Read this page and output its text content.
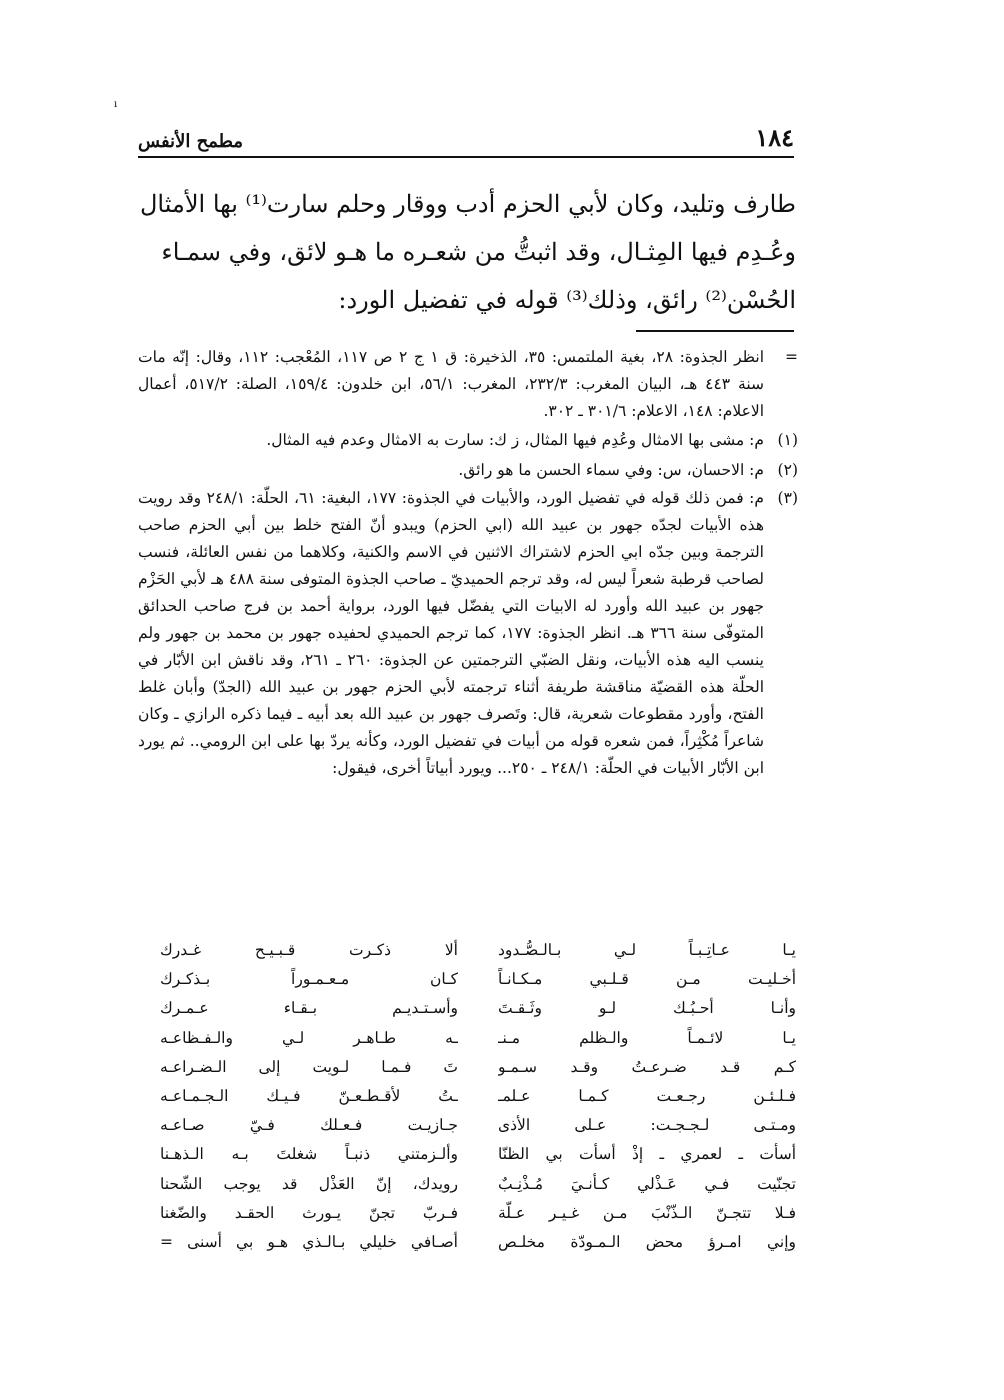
ı
١٨٤
مطمح الأنفس

طارف وتليد، وكان لأبي الحزم أدب ووقار وحلم سارت⁽¹⁾ بها الأمثال

وعُـدِم فيها المِثـال، وقد اثبتُّ من شعـره ما هـو لائق، وفي سمـاء

الحُسْن⁽²⁾ رائق، وذلك⁽³⁾ قوله في تفضيل الورد:

=
انظر الجذوة: ٢٨، بغية الملتمس: ٣٥، الذخيرة: ق ١ ج ٢ ص ١١٧، المُعْجب: ١١٢، وقال: إنّه مات سنة ٤٤٣ هـ، البيان المغرب: ٢٣٢/٣، المغرب: ٥٦/١، ابن خلدون: ١٥٩/٤، الصلة: ٥١٧/٢، أعمال الاعلام: ١٤٨، الاعلام: ٣٠١/٦ ـ ٣٠٢.

(١)
م: مشى بها الامثال وعُدِم فيها المثال، ز ك: سارت به الامثال وعدم فيه المثال.

(٢)
م: الاحسان، س: وفي سماء الحسن ما هو رائق.

(٣)
م: فمن ذلك قوله في تفضيل الورد، والأبيات في الجذوة: ١٧٧، البغية: ٦١، الحلّة: ٢٤٨/١ وقد رويت هذه الأبيات لجدّه جهور بن عبيد الله (ابي الحزم) ويبدو أنّ الفتح خلط بين أبي الحزم صاحب الترجمة وبين جدّه ابي الحزم لاشتراك الاثنين في الاسم والكنية، وكلاهما من نفس العائلة، فنسب لصاحب قرطبة شعراً ليس له، وقد ترجم الحميديّ ـ صاحب الجذوة المتوفى سنة ٤٨٨ هـ لأبي الحَزْم جهور بن عبيد الله وأورد له الابيات التي يفضّل فيها الورد، برواية أحمد بن فرج صاحب الحدائق المتوفّى سنة ٣٦٦ هـ. انظر الجذوة: ١٧٧، كما ترجم الحميدي لحفيده جهور بن محمد بن جهور ولم ينسب اليه هذه الأبيات، ونقل الضبّي الترجمتين عن الجذوة: ٢٦٠ ـ ٢٦١، وقد ناقش ابن الأبّار في الحلّة هذه القضيّة مناقشة طريفة أثناء ترجمته لأبي الحزم جهور بن عبيد الله (الجدّ) وأبان غلط الفتح، وأورد مقطوعات شعرية، قال: وتَصرف جهور بن عبيد الله بعد أبيه ـ فيما ذكره الرازي ـ وكان شاعراً مُكْثِراً، فمن شعره قوله من أبيات في تفضيل الورد، وكأنه يردّ بها على ابن الرومي.. ثم يورد ابن الأبّار الأبيات في الحلّة: ٢٤٨/١ ـ ٢٥٠... ويورد أبياتاً أخرى، فيقول:

يـا عـاتِـبـاً لـي بـالـصُّـدود
ألا ذكـرت قـبـيـح غـدرك
أخـليـت مـن قـلـبي مـكـانـاً
كـان مـعـمـوراً بـذكـرك
وأنـا أحـبُـك لـو وثَـقـتَ
وأسـتـديـم بـقـاء عـمـرك
يـا لائـمـاً والـظلم مـنـ
ـه طـاهـر لـي والـفـظاعـه
كـم قـد ضـرعـتُ وقـد سـمـو
تَ فـمـا لـويت إلى الـضـراعـه
فـلـئـن رجـعـت كـمـا عـلمـ
ـتُ لأقـطـعـنّ فـيـك الـجـمـاعـه
ومـتـى لـجـجـت: عـلى الأذى
جـازيـت فـعـلك فـيّ صـاعـه
أسأت ـ لعمري ـ إذْ أسأت بي الظنّا
وألـزمتني ذنبـاً شغلتَ بـه الـذهـنا
تجنّيت فـي عَـذْلي كـأنـيَ مُـذْنِـبٌ
رويدك، إنّ العَذْل قد يوجب الشّحنا
فـلا تتجـنّ الـذّنْبَ مـن غـيـر عـلّة
فـربّ تجنّ يـورث الحقـد والضّغنا
وإني امـرؤ محض الـمـودّة مخلـص
أصـافي خليلي بـالـذي هـو بي أسنى =
